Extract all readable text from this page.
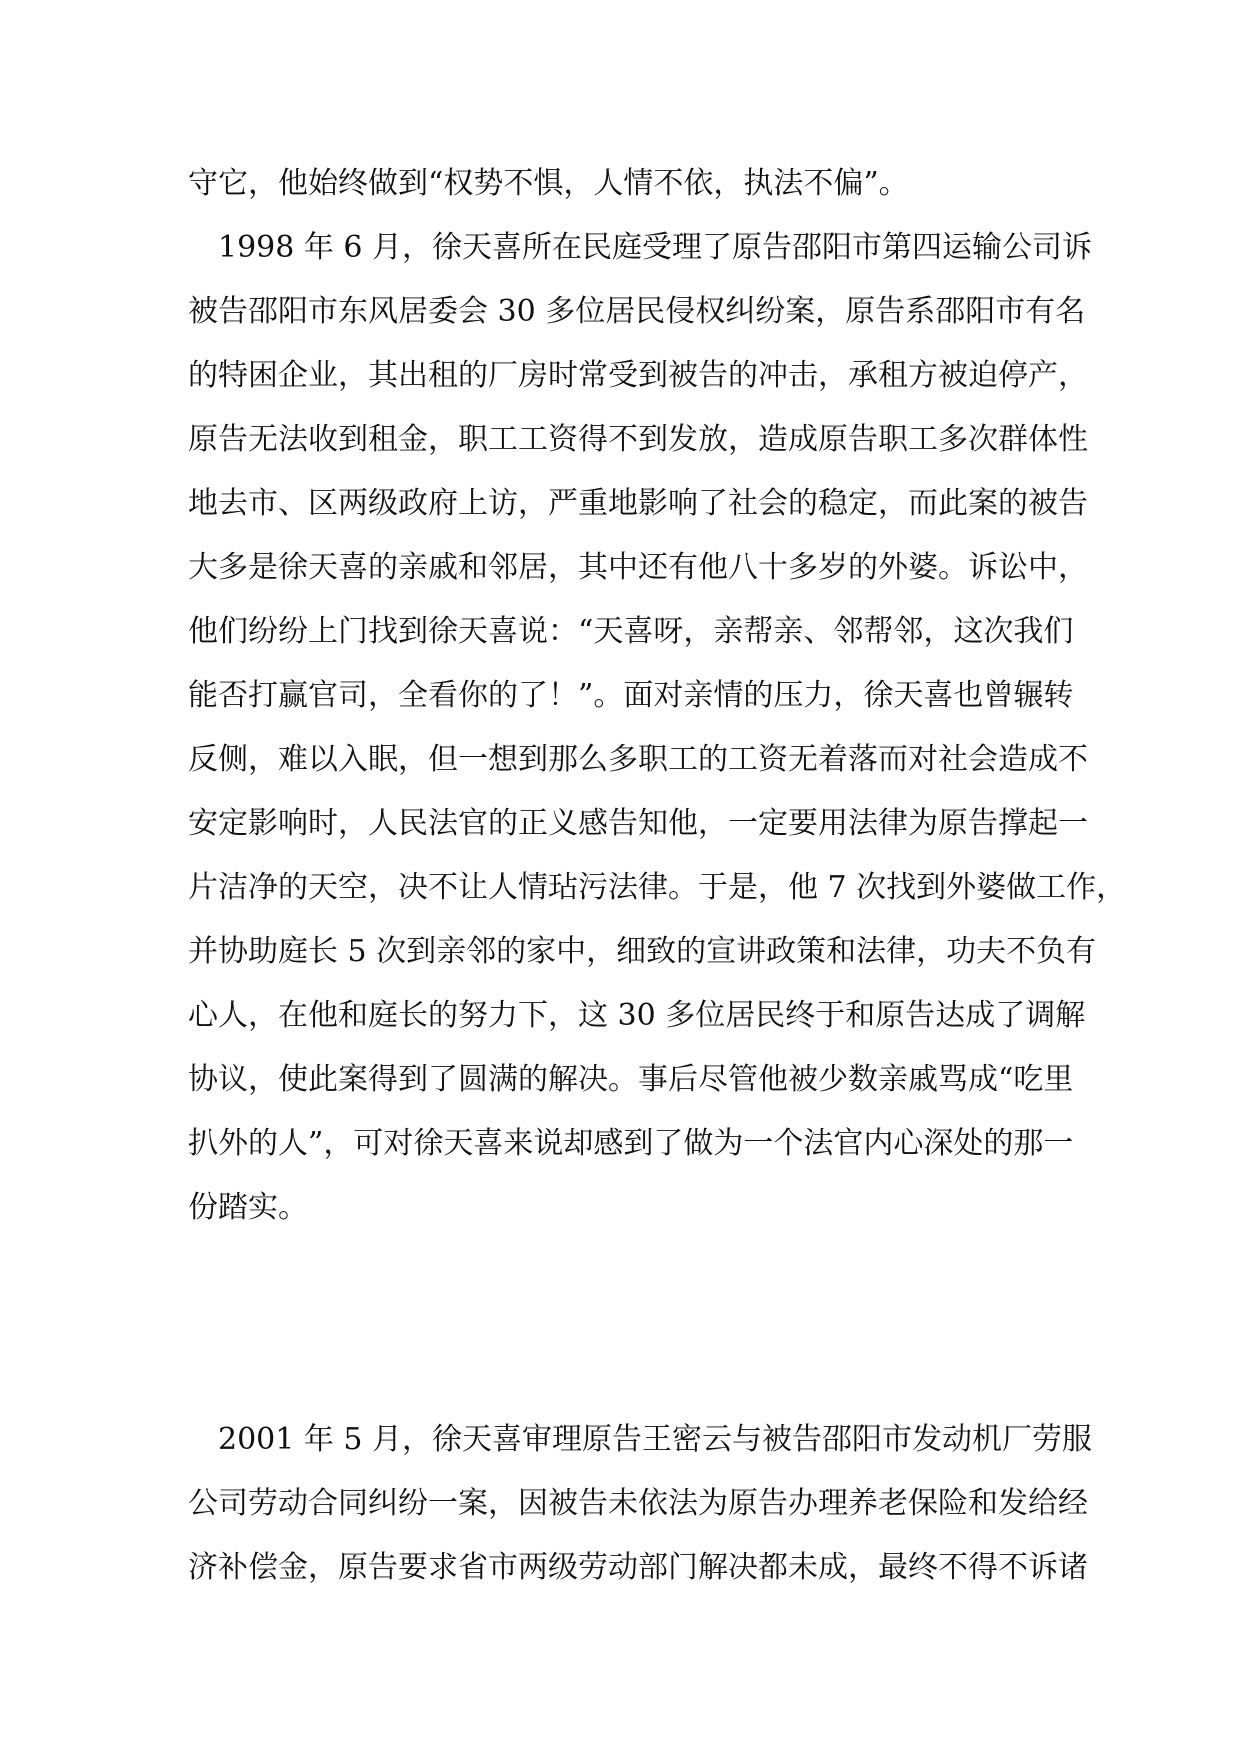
守它，他始终做到“权势不惧，人情不依，执法不偏”。
　1998 年 6 月，徐天喜所在民庭受理了原告邵阳市第四运输公司诉
被告邵阳市东风居委会 30 多位居民侵权纠纷案，原告系邵阳市有名
的特困企业，其出租的厂房时常受到被告的冲击，承租方被迫停产，
原告无法收到租金，职工工资得不到发放，造成原告职工多次群体性
地去市、区两级政府上访，严重地影响了社会的稳定，而此案的被告
大多是徐天喜的亲戚和邻居，其中还有他八十多岁的外婆。诉讼中，
他们纷纷上门找到徐天喜说：“天喜呀，亲帮亲、邻帮邻，这次我们
能否打赢官司，全看你的了！”。面对亲情的压力，徐天喜也曾辗转
反侧，难以入眠，但一想到那么多职工的工资无着落而对社会造成不
安定影响时，人民法官的正义感告知他，一定要用法律为原告撑起一
片洁净的天空，决不让人情玷污法律。于是，他 7 次找到外婆做工作，
并协助庭长 5 次到亲邻的家中，细致的宣讲政策和法律，功夫不负有
心人，在他和庭长的努力下，这 30 多位居民终于和原告达成了调解
协议，使此案得到了圆满的解决。事后尽管他被少数亲戚骂成“吃里
扒外的人”，可对徐天喜来说却感到了做为一个法官内心深处的那一
份踏实。
　2001 年 5 月，徐天喜审理原告王密云与被告邵阳市发动机厂劳服
公司劳动合同纠纷一案，因被告未依法为原告办理养老保险和发给经
济补偿金，原告要求省市两级劳动部门解决都未成，最终不得不诉诸
